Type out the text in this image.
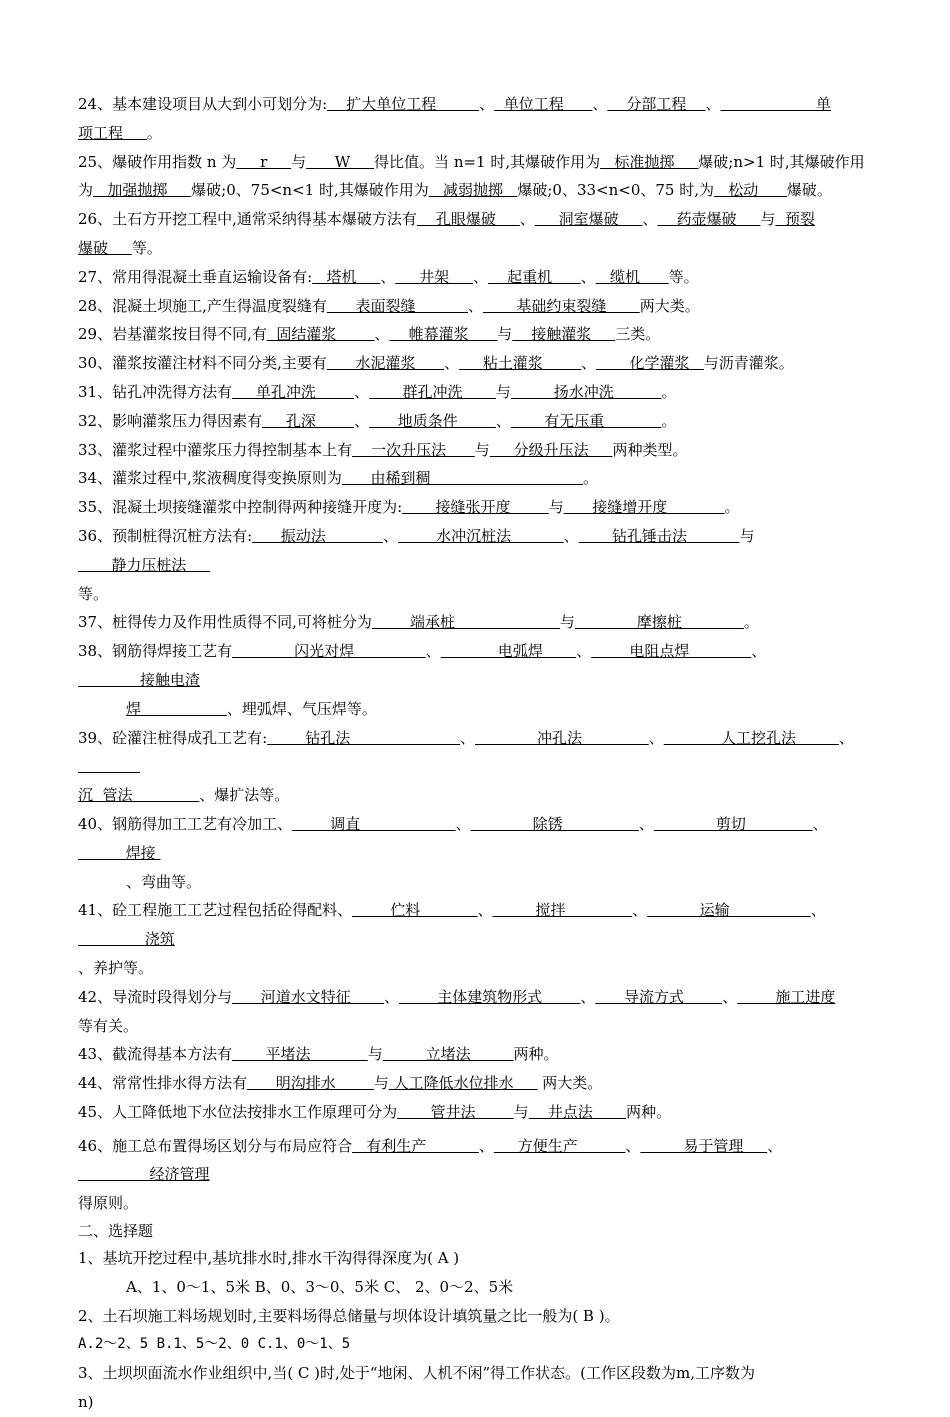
24、基本建设项目从大到小可划分为:    扩大单位工程         、  单位工程      、    分部工程    、                    单
项工程     。

25、爆破作用指数 n 为     r     与      W     得比值。当 n=1 时,其爆破作用为   标准抛掷     爆破;n>1 时,其爆破作用
为   加强抛掷     爆破;0、75<n<1 时,其爆破作用为   减弱抛掷   爆破;0、33<n<0、75 时,为   松动      爆破。

26、土石方开挖工程中,通常采纳得基本爆破方法有    孔眼爆破     、     洞室爆破     、    药壶爆破     与  预裂
爆破     等。

27、常用得混凝土垂直运输设备有:   塔机     、     井架     、    起重机      、   缆机      等。

28、混凝土坝施工,产生得温度裂缝有      表面裂缝           、       基础约束裂缝       两大类。

29、岩基灌浆按目得不同,有  固结灌浆        、    帷幕灌浆      与    接触灌浆     三类。

30、灌浆按灌注材料不同分类,主要有      水泥灌浆      、     粘土灌浆        、       化学灌浆   与沥青灌浆。

31、钻孔冲洗得方法有     单孔冲洗        、       群孔冲洗       与         扬水冲洗          。

32、影响灌浆压力得因素有     孔深        、      地质条件        、       有无压重            。

33、灌浆过程中灌浆压力得控制基本上有    一次升压法      与     分级升压法     两种类型。

34、灌浆过程中,浆液稠度得变换原则为      由稀到稠                                。

35、混凝土坝接缝灌浆中控制得两种接缝开度为:       接缝张开度        与      接缝增开度            。

36、预制桩得沉桩方法有:      振动法            、        水冲沉桩法           、       钻孔锤击法           与       静力压桩法
等。

37、桩得传力及作用性质得不同,可将桩分为        端承桩                      与             摩擦桩             。

38、钢筋得焊接工艺有             闪光对焊               、            电弧焊       、        电阻点焊             、             接触电渣
焊                  、埋弧焊、气压焊等。

39、砼灌注桩得成孔工艺有:        钻孔法                       、             冲孔法              、            人工挖孔法         、
沉  管法              、爆扩法等。

40、钢筋得加工工艺有冷加工、        调直                    、             除锈                、             剪切              、          焊接
、弯曲等。

41、砼工程施工工艺过程包括砼得配料、        伫料            、         搅拌              、           运输                 、              浇筑
、养护等。

42、导流时段得划分与      河道水文特征       、        主体建筑物形式        、      导流方式        、        施工进度
等有关。

43、截流得基本方法有       平堵法            与         立堵法         两种。

44、常常性排水得方法有      明沟排水        与 人工降低水位排水      两大类。

45、人工降低地下水位法按排水工作原理可分为       管井法        与    井点法       两种。

46、施工总布置得场区划分与布局应符合   有利生产           、     方便生产          、         易于管理     、               经济管理
得原则。

二、选择题

1、基坑开挖过程中,基坑排水时,排水干沟得得深度为( A )

A、1、0～1、5米 B、0、3～0、5米 C、 2、0～2、5米

2、土石坝施工料场规划时,主要料场得总储量与坝体设计填筑量之比一般为( B )。

A.2～2、5 B.1、5～2、0 C.1、0～1、5

3、土坝坝面流水作业组织中,当( C )时,处于“地闲、人机不闲”得工作状态。(工作区段数为m,工序数为
n)
